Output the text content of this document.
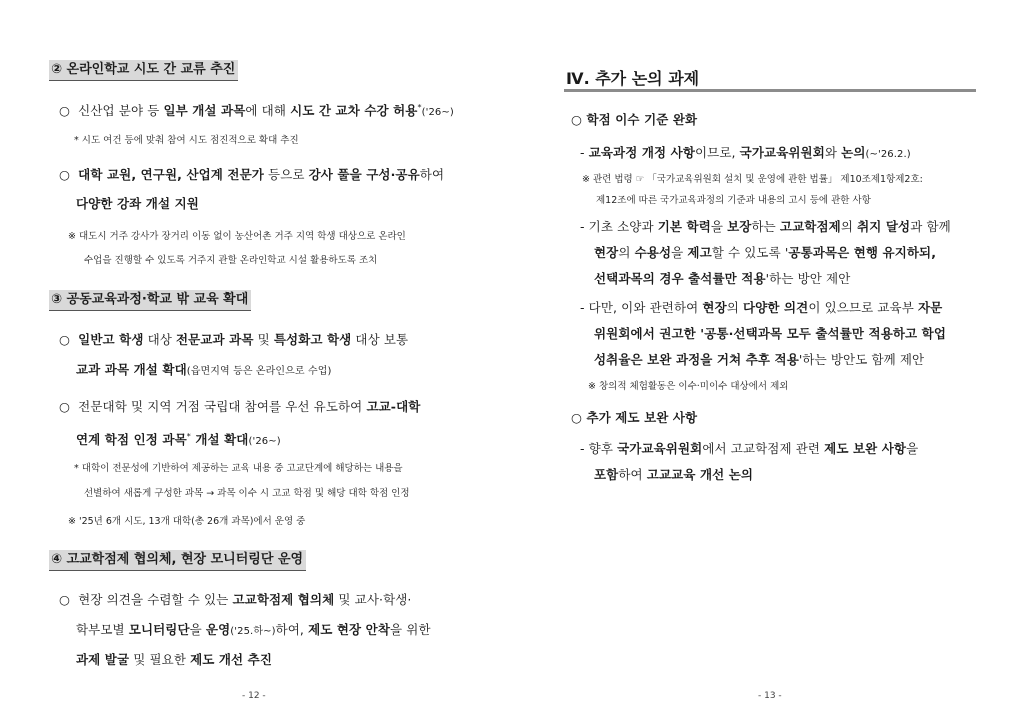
② 온라인학교 시도 간 교류 추진
○ 신산업 분야 등 일부 개설 과목에 대해 시도 간 교차 수강 허용*('26~)
* 시도 여건 등에 맞춰 참여 시도 점진적으로 확대 추진
○ 대학 교원, 연구원, 산업계 전문가 등으로 강사 풀을 구성·공유하여
다양한 강좌 개설 지원
※ 대도시 거주 강사가 장거리 이동 없이 농산어촌 거주 지역 학생 대상으로 온라인
수업을 진행할 수 있도록 거주지 관할 온라인학교 시설 활용하도록 조치
③ 공동교육과정·학교 밖 교육 확대
○ 일반고 학생 대상 전문교과 과목 및 특성화고 학생 대상 보통
교과 과목 개설 확대(읍면지역 등은 온라인으로 수업)
○ 전문대학 및 지역 거점 국립대 참여를 우선 유도하여 고교-대학
연계 학점 인정 과목* 개설 확대('26~)
* 대학이 전문성에 기반하여 제공하는 교육 내용 중 고교단계에 해당하는 내용을
선별하여 새롭게 구성한 과목 → 과목 이수 시 고교 학점 및 해당 대학 학점 인정
※ '25년 6개 시도, 13개 대학(총 26개 과목)에서 운영 중
④ 고교학점제 협의체, 현장 모니터링단 운영
○ 현장 의견을 수렴할 수 있는 고교학점제 협의체 및 교사·학생·
학부모별 모니터링단을 운영('25.하~)하여, 제도 현장 안착을 위한
과제 발굴 및 필요한 제도 개선 추진
- 12 -
Ⅳ. 추가 논의 과제
○ 학점 이수 기준 완화
- 교육과정 개정 사항이므로, 국가교육위원회와 논의(~'26.2.)
※ 관련 법령 ☞ 「국가교육위원회 설치 및 운영에 관한 법률」 제10조제1항제2호:
제12조에 따른 국가교육과정의 기준과 내용의 고시 등에 관한 사항
- 기초 소양과 기본 학력을 보장하는 고교학점제의 취지 달성과 함께
현장의 수용성을 제고할 수 있도록 '공통과목은 현행 유지하되,
선택과목의 경우 출석률만 적용'하는 방안 제안
- 다만, 이와 관련하여 현장의 다양한 의견이 있으므로 교육부 자문
위원회에서 권고한 '공통·선택과목 모두 출석률만 적용하고 학업
성취율은 보완 과정을 거쳐 추후 적용'하는 방안도 함께 제안
※ 창의적 체험활동은 이수·미이수 대상에서 제외
○ 추가 제도 보완 사항
- 향후 국가교육위원회에서 고교학점제 관련 제도 보완 사항을
포함하여 고교교육 개선 논의
- 13 -
